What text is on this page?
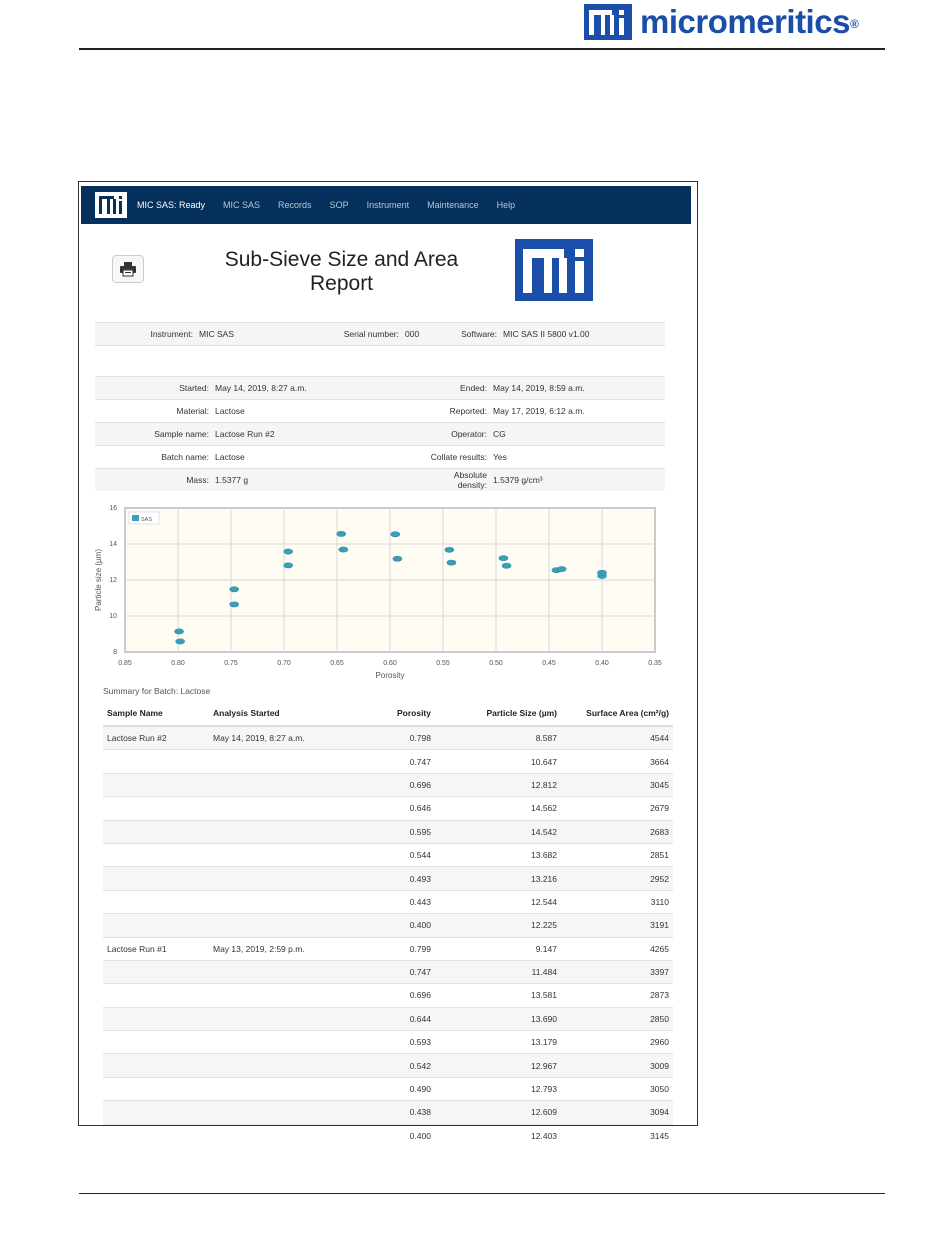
micromeritics®
MIC SAS: Ready MIC SAS Records SOP Instrument Maintenance Help
Sub-Sieve Size and Area
Report
Instrument: MIC SAS	Serial number: 000	Software: MIC SAS II 5800 v1.00
Started: May 14, 2019, 8:27 a.m.	Ended: May 14, 2019, 8:59 a.m.
Material: Lactose	Reported: May 17, 2019, 6:12 a.m.
Sample name: Lactose Run #2	Operator: CG
Batch name: Lactose	Collate results: Yes
Mass: 1.5377 g	Absolute density: 1.5379 g/cm³
0.85	0.80	0.75	0.70	0.65	0.60	0.55	0.50	0.45	0.40	0.35
8
10
12
14
16
Porosity
Particle size (µm)
SAS
Summary for Batch: Lactose
Sample Name	Analysis Started	Porosity	Particle Size (µm)	Surface Area (cm²/g)
Lactose Run #2	May 14, 2019, 8:27 a.m.	0.798	8.587	4544
		0.747	10.647	3664
		0.696	12.812	3045
		0.646	14.562	2679
		0.595	14.542	2683
		0.544	13.682	2851
		0.493	13.216	2952
		0.443	12.544	3110
		0.400	12.225	3191
Lactose Run #1	May 13, 2019, 2:59 p.m.	0.799	9.147	4265
		0.747	11.484	3397
		0.696	13.581	2873
		0.644	13.690	2850
		0.593	13.179	2960
		0.542	12.967	3009
		0.490	12.793	3050
		0.438	12.609	3094
		0.400	12.403	3145
